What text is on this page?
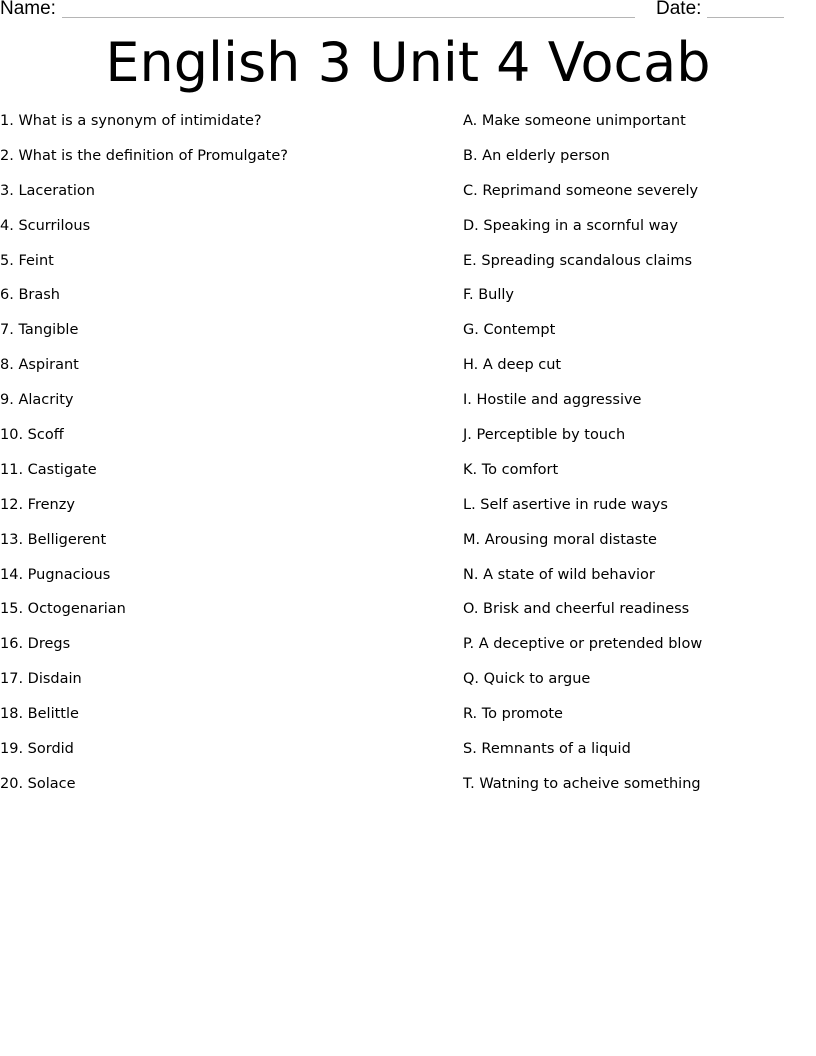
Name:	Date:
English 3 Unit 4 Vocab
1. What is a synonym of intimidate?
2. What is the definition of Promulgate?
3. Laceration
4. Scurrilous
5. Feint
6. Brash
7. Tangible
8. Aspirant
9. Alacrity
10. Scoff
11. Castigate
12. Frenzy
13. Belligerent
14. Pugnacious
15. Octogenarian
16. Dregs
17. Disdain
18. Belittle
19. Sordid
20. Solace
A. Make someone unimportant
B. An elderly person
C. Reprimand someone severely
D. Speaking in a scornful way
E. Spreading scandalous claims
F. Bully
G. Contempt
H. A deep cut
I. Hostile and aggressive
J. Perceptible by touch
K. To comfort
L. Self asertive in rude ways
M. Arousing moral distaste
N. A state of wild behavior
O. Brisk and cheerful readiness
P. A deceptive or pretended blow
Q. Quick to argue
R. To promote
S. Remnants of a liquid
T. Watning to acheive something
